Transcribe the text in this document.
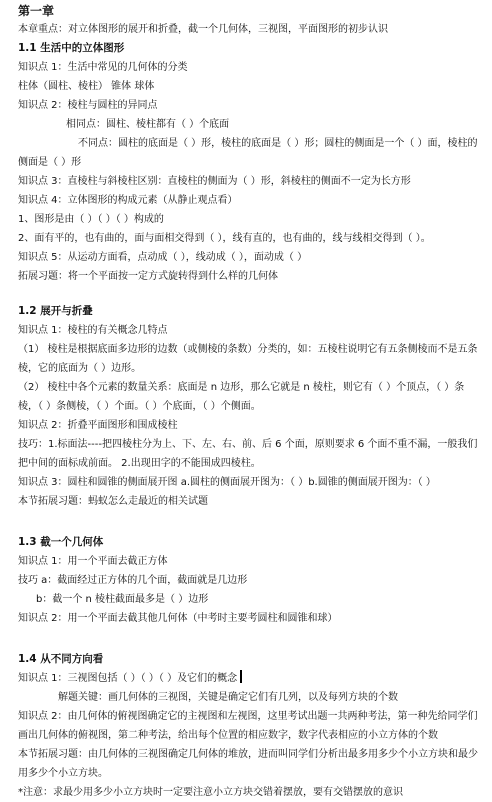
第一章
本章重点：对立体图形的展开和折叠，截一个几何体，三视图，平面图形的初步认识
1.1 生活中的立体图形
知识点 1：生活中常见的几何体的分类
柱体（圆柱、棱柱） 锥体 球体
知识点 2：棱柱与圆柱的异同点
相同点：圆柱、棱柱都有（ ）个底面
不同点：圆柱的底面是（ ）形，棱柱的底面是（ ）形；圆柱的侧面是一个（ ）面，棱柱的侧面是（ ）形
知识点 3：直棱柱与斜棱柱区别：直棱柱的侧面为（ ）形，斜棱柱的侧面不一定为长方形
知识点 4：立体图形的构成元素（从静止观点看）
1、图形是由（ ）（ ）（ ）构成的
2、面有平的，也有曲的，面与面相交得到（ ），线有直的，也有曲的，线与线相交得到（ ）。
知识点 5：从运动方面看，点动成（ ），线动成（ ），面动成（ ）
拓展习题：将一个平面按一定方式旋转得到什么样的几何体
1.2 展开与折叠
知识点 1：棱柱的有关概念几特点
（1） 棱柱是根据底面多边形的边数（或侧棱的条数）分类的，如：五棱柱说明它有五条侧棱而不是五条棱，它的底面为（ ）边形。
（2） 棱柱中各个元素的数量关系：底面是 n 边形，那么它就是 n 棱柱，则它有（ ）个顶点，（ ）条棱，（ ）条侧棱，（ ）个面。（ ）个底面，（ ）个侧面。
知识点 2：折叠平面图形和围成棱柱
技巧：1.标面法----把四棱柱分为上、下、左、右、前、后 6 个面，原则要求 6 个面不重不漏，一般我们把中间的面标成前面。 2.出现田字的不能围成四棱柱。
知识点 3：圆柱和圆锥的侧面展开图 a.圆柱的侧面展开图为：（ ）b.圆锥的侧面展开图为：（ ）
本节拓展习题：蚂蚁怎么走最近的相关试题
1.3 截一个几何体
知识点 1：用一个平面去截正方体
技巧 a：截面经过正方体的几个面，截面就是几边形
b：截一个 n 棱柱截面最多是（ ）边形
知识点 2：用一个平面去截其他几何体（中考时主要考圆柱和圆锥和球）
1.4 从不同方向看
知识点 1：三视图包括（ ）（ ）（ ）及它们的概念
解题关键：画几何体的三视图，关键是确定它们有几列，以及每列方块的个数
知识点 2：由几何体的俯视图确定它的主视图和左视图，这里考试出题一共两种考法，第一种先给同学们画出几何体的俯视图，第二种考法，给出每个位置的相应数字，数字代表相应的小立方体的个数
本节拓展习题：由几何体的三视图确定几何体的堆放，进而叫同学们分析出最多用多少个小立方块和最少用多少个小立方块。
*注意：求最少用多少小立方块时一定要注意小立方块交错着摆放，要有交错摆放的意识
